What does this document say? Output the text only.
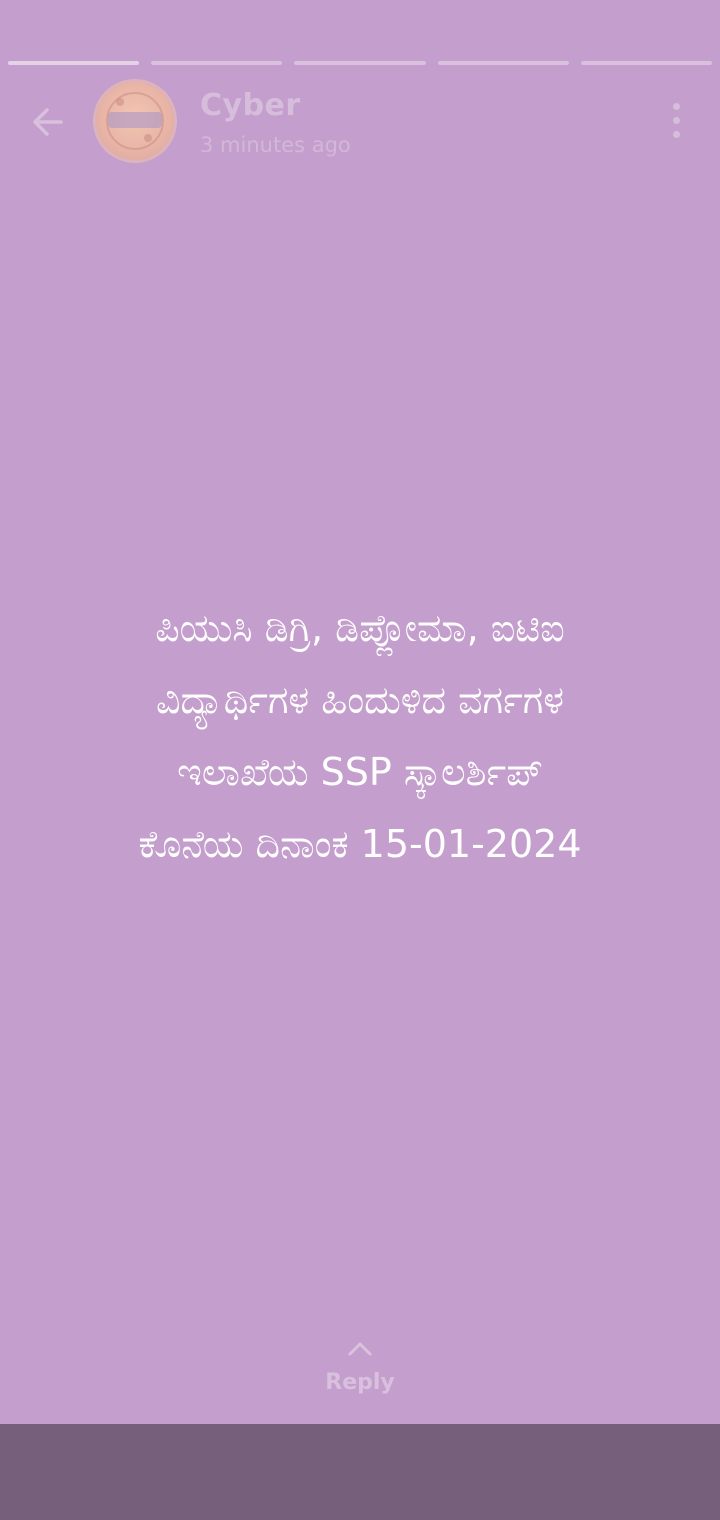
Cyber
3 minutes ago
ಪಿಯುಸಿ ಡಿಗ್ರಿ, ಡಿಪ್ಲೋಮಾ, ಐಟಿಐ
ವಿದ್ಯಾರ್ಥಿಗಳ ಹಿಂದುಳಿದ ವರ್ಗಗಳ
ಇಲಾಖೆಯ SSP ಸ್ಕಾಲರ್ಶಿಪ್
ಕೊನೆಯ ದಿನಾಂಕ 15-01-2024
Reply
